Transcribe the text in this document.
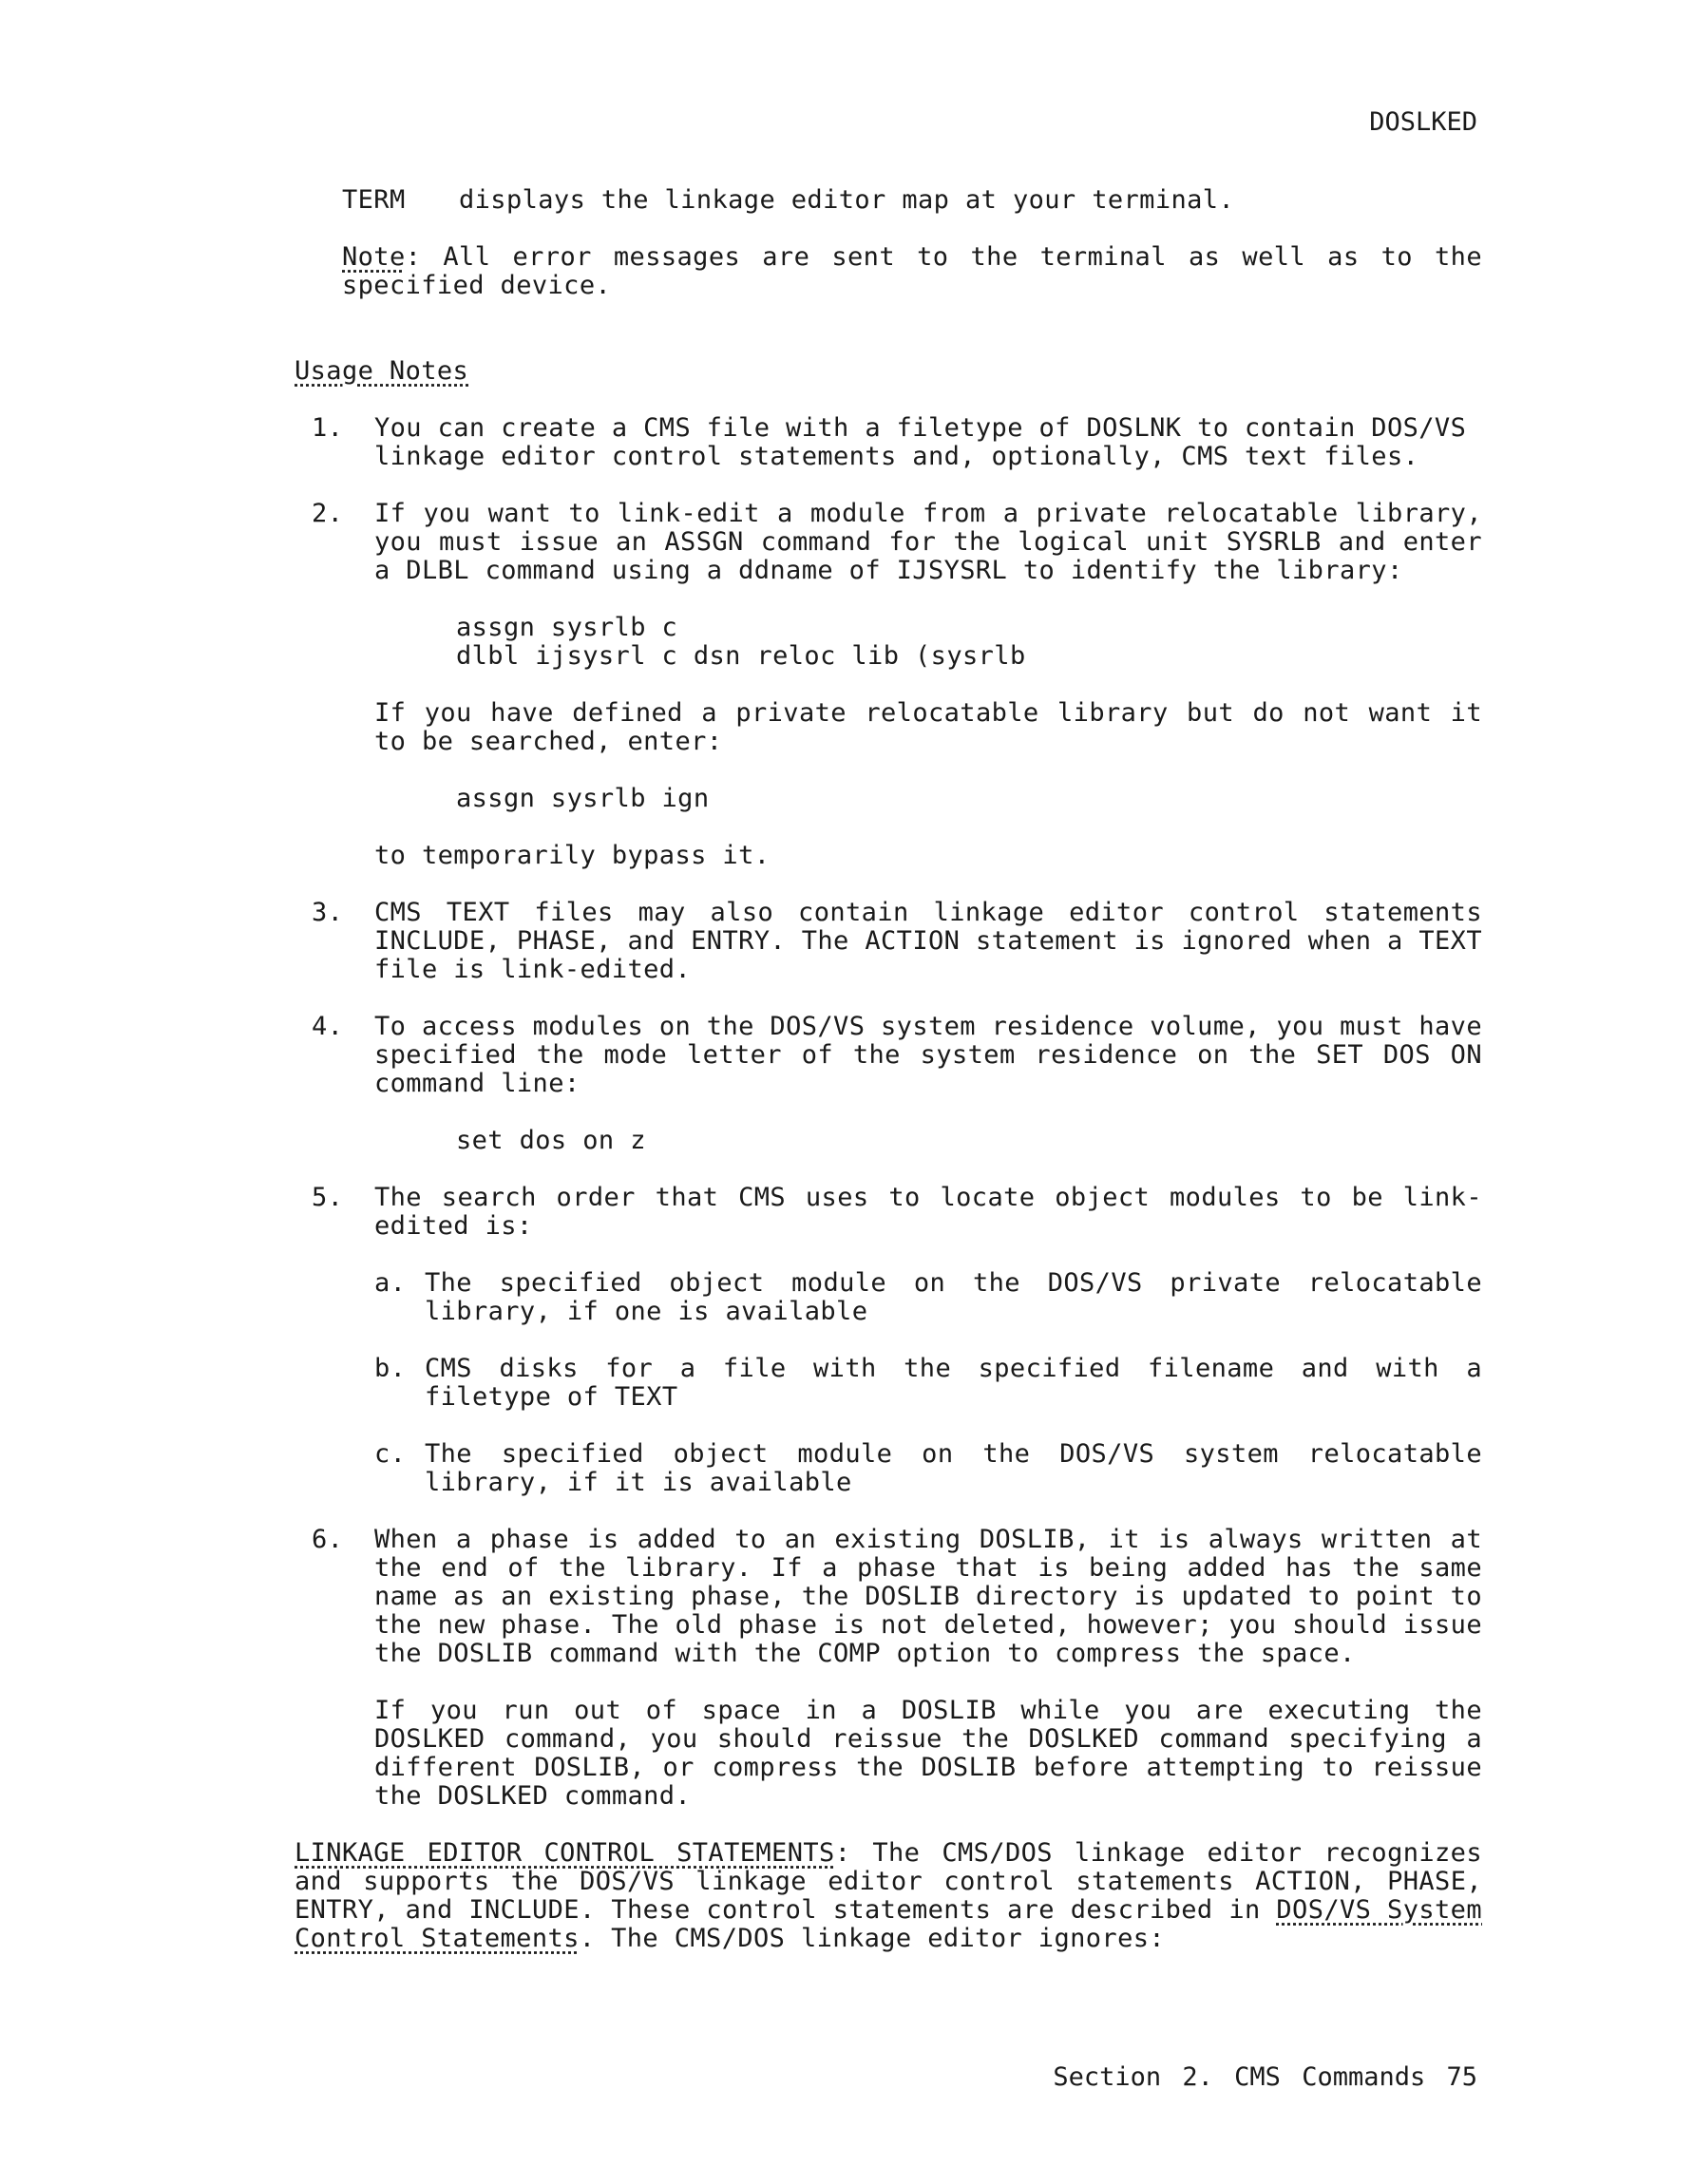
DOSLKED
TERM	displays the linkage editor map at your terminal.
Note: All error messages are sent to the terminal as well as to the specified device.
Usage Notes
1.	You can create a CMS file with a filetype of DOSLNK to contain DOS/VS
linkage editor control statements and, optionally, CMS text files.
2.	If you want to link-edit a module from a private relocatable library, you must issue an ASSGN command for the logical unit SYSRLB and enter a DLBL command using a ddname of IJSYSRL to identify the library:
assgn sysrlb c
dlbl ijsysrl c dsn reloc lib (sysrlb
If you have defined a private relocatable library but do not want it to be searched, enter:
assgn sysrlb ign
to temporarily bypass it.
3.	CMS TEXT files may also contain linkage editor control statements INCLUDE, PHASE, and ENTRY. The ACTION statement is ignored when a TEXT file is link-edited.
4.	To access modules on the DOS/VS system residence volume, you must have specified the mode letter of the system residence on the SET DOS ON command line:
set dos on z
5.	The search order that CMS uses to locate object modules to be link-edited is:
a. The specified object module on the DOS/VS private relocatable library, if one is available
b. CMS disks for a file with the specified filename and with a filetype of TEXT
c. The specified object module on the DOS/VS system relocatable library, if it is available
6.	When a phase is added to an existing DOSLIB, it is always written at the end of the library. If a phase that is being added has the same name as an existing phase, the DOSLIB directory is updated to point to the new phase. The old phase is not deleted, however; you should issue the DOSLIB command with the COMP option to compress the space.
If you run out of space in a DOSLIB while you are executing the DOSLKED command, you should reissue the DOSLKED command specifying a different DOSLIB, or compress the DOSLIB before attempting to reissue the DOSLKED command.
LINKAGE EDITOR CONTROL STATEMENTS: The CMS/DOS linkage editor recognizes and supports the DOS/VS linkage editor control statements ACTION, PHASE, ENTRY, and INCLUDE. These control statements are described in DOS/VS System Control Statements. The CMS/DOS linkage editor ignores:
Section 2. CMS Commands 75
